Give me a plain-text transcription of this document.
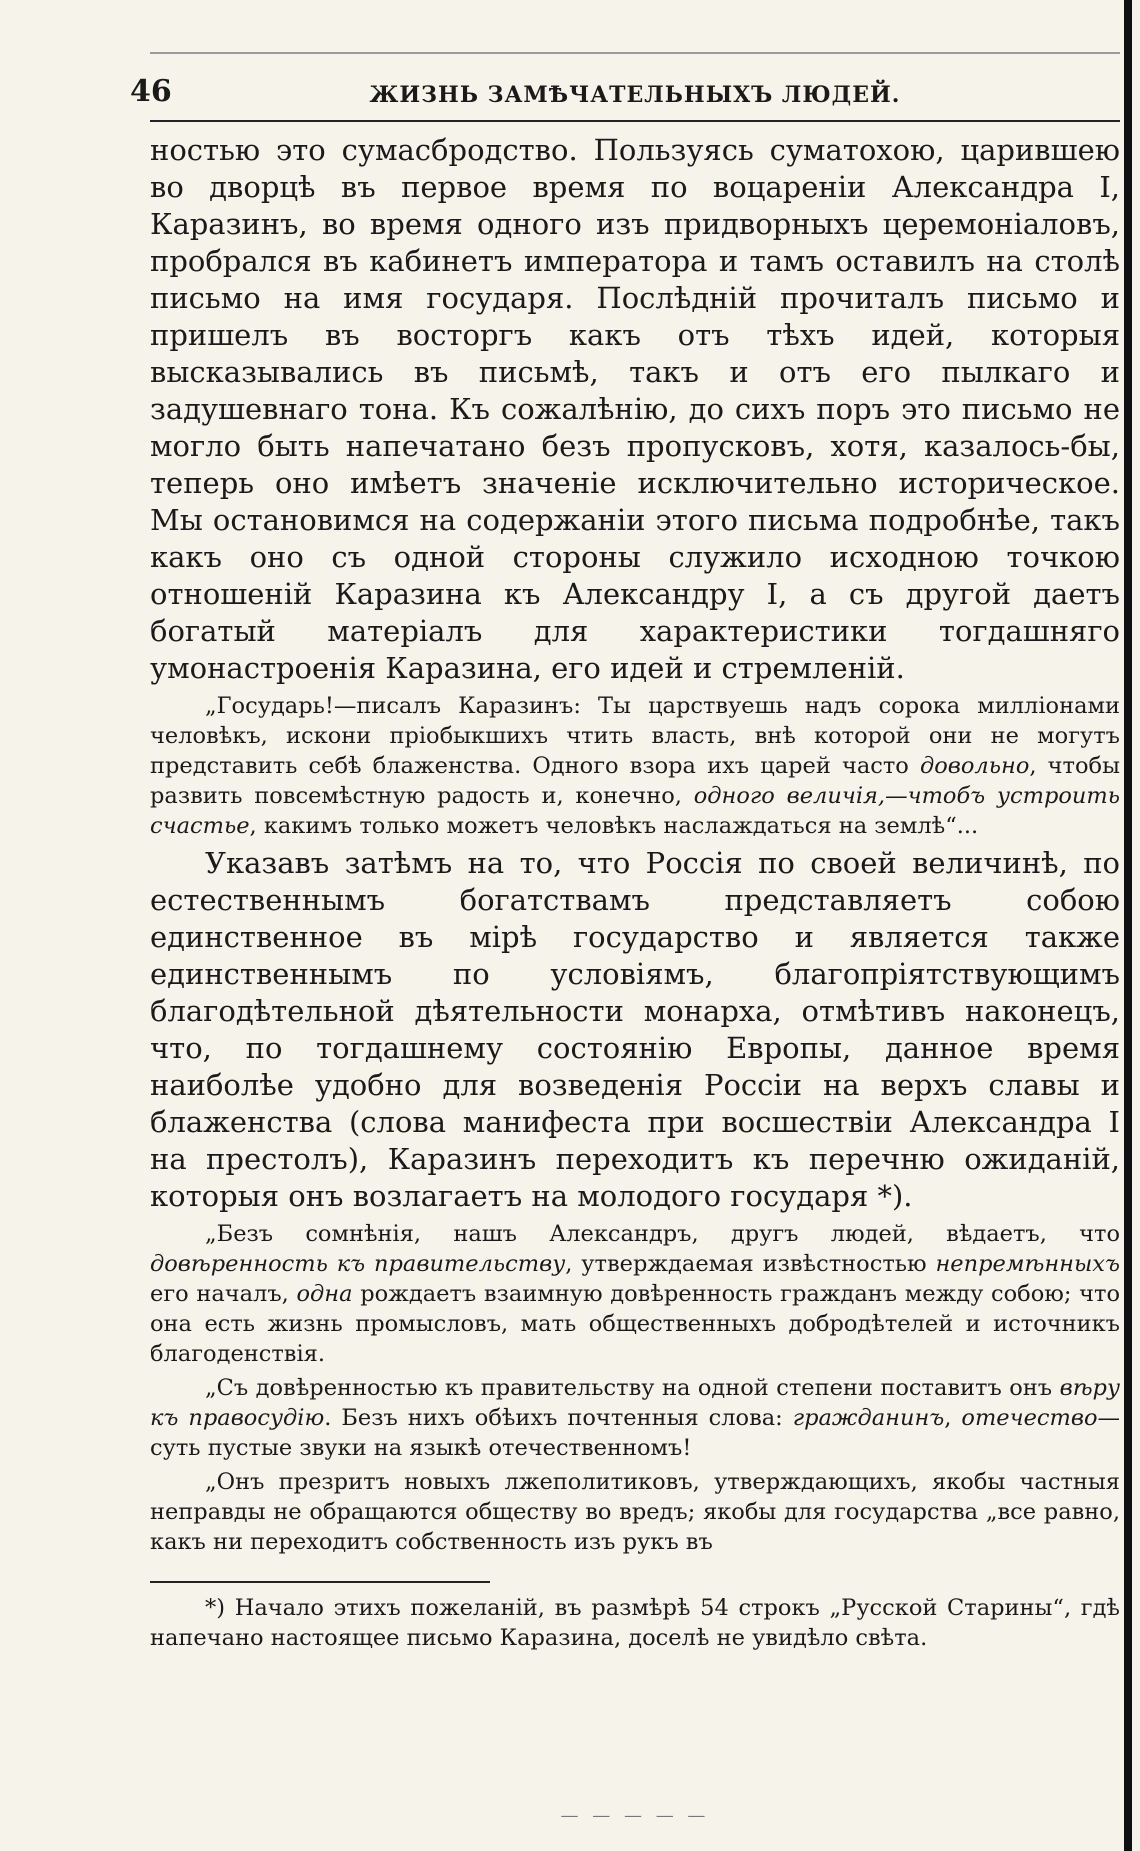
46	ЖИЗНЬ ЗАМѢЧАТЕЛЬНЫХЪ ЛЮДЕЙ.

ностью это сумасбродство. Пользуясь суматохою, царившею во дворцѣ въ первое время по воцареніи Александра I, Каразинъ, во время одного изъ придворныхъ церемоніаловъ, пробрался въ кабинетъ императора и тамъ оставилъ на столѣ письмо на имя государя. Послѣдній прочиталъ письмо и пришелъ въ восторгъ какъ отъ тѣхъ идей, которыя высказывались въ письмѣ, такъ и отъ его пылкаго и задушевнаго тона. Къ сожалѣнію, до сихъ поръ это письмо не могло быть напечатано безъ пропусковъ, хотя, казалось-бы, теперь оно имѣетъ значеніе исключительно историческое. Мы остановимся на содержаніи этого письма подробнѣе, такъ какъ оно съ одной стороны служило исходною точкою отношеній Каразина къ Александру I, а съ другой даетъ богатый матеріалъ для характеристики тогдашняго умонастроенія Каразина, его идей и стремленій.

„Государь!—писалъ Каразинъ: Ты царствуешь надъ сорока милліонами человѣкъ, искони пріобыкшихъ чтить власть, внѣ которой они не могутъ представить себѣ блаженства. Одного взора ихъ царей часто довольно, чтобы развить повсемѣстную радость и, конечно, одного величія,—чтобъ устроить счастье, какимъ только можетъ человѣкъ наслаждаться на землѣ“...

Указавъ затѣмъ на то, что Россія по своей величинѣ, по естественнымъ богатствамъ представляетъ собою единственное въ мірѣ государство и является также единственнымъ по условіямъ, благопріятствующимъ благодѣтельной дѣятельности монарха, отмѣтивъ наконецъ, что, по тогдашнему состоянію Европы, данное время наиболѣе удобно для возведенія Россіи на верхъ славы и блаженства (слова манифеста при восшествіи Александра I на престолъ), Каразинъ переходитъ къ перечню ожиданій, которыя онъ возлагаетъ на молодого государя *).

„Безъ сомнѣнія, нашъ Александръ, другъ людей, вѣдаетъ, что довѣренность къ правительству, утверждаемая извѣстностью непремѣнныхъ его началъ, одна рождаетъ взаимную довѣренность гражданъ между собою; что она есть жизнь промысловъ, мать общественныхъ добродѣтелей и источникъ благоденствія.

„Съ довѣренностью къ правительству на одной степени поставитъ онъ вѣру къ правосудію. Безъ нихъ обѣихъ почтенныя слова: гражданинъ, отечество—суть пустые звуки на языкѣ отечественномъ!

„Онъ презритъ новыхъ лжеполитиковъ, утверждающихъ, якобы частныя неправды не обращаются обществу во вредъ; якобы для государства „все равно, какъ ни переходитъ собственность изъ рукъ въ

*) Начало этихъ пожеланій, въ размѣрѣ 54 строкъ „Русской Старины“, гдѣ напечано настоящее письмо Каразина, доселѣ не увидѣло свѣта.

— — — — —
